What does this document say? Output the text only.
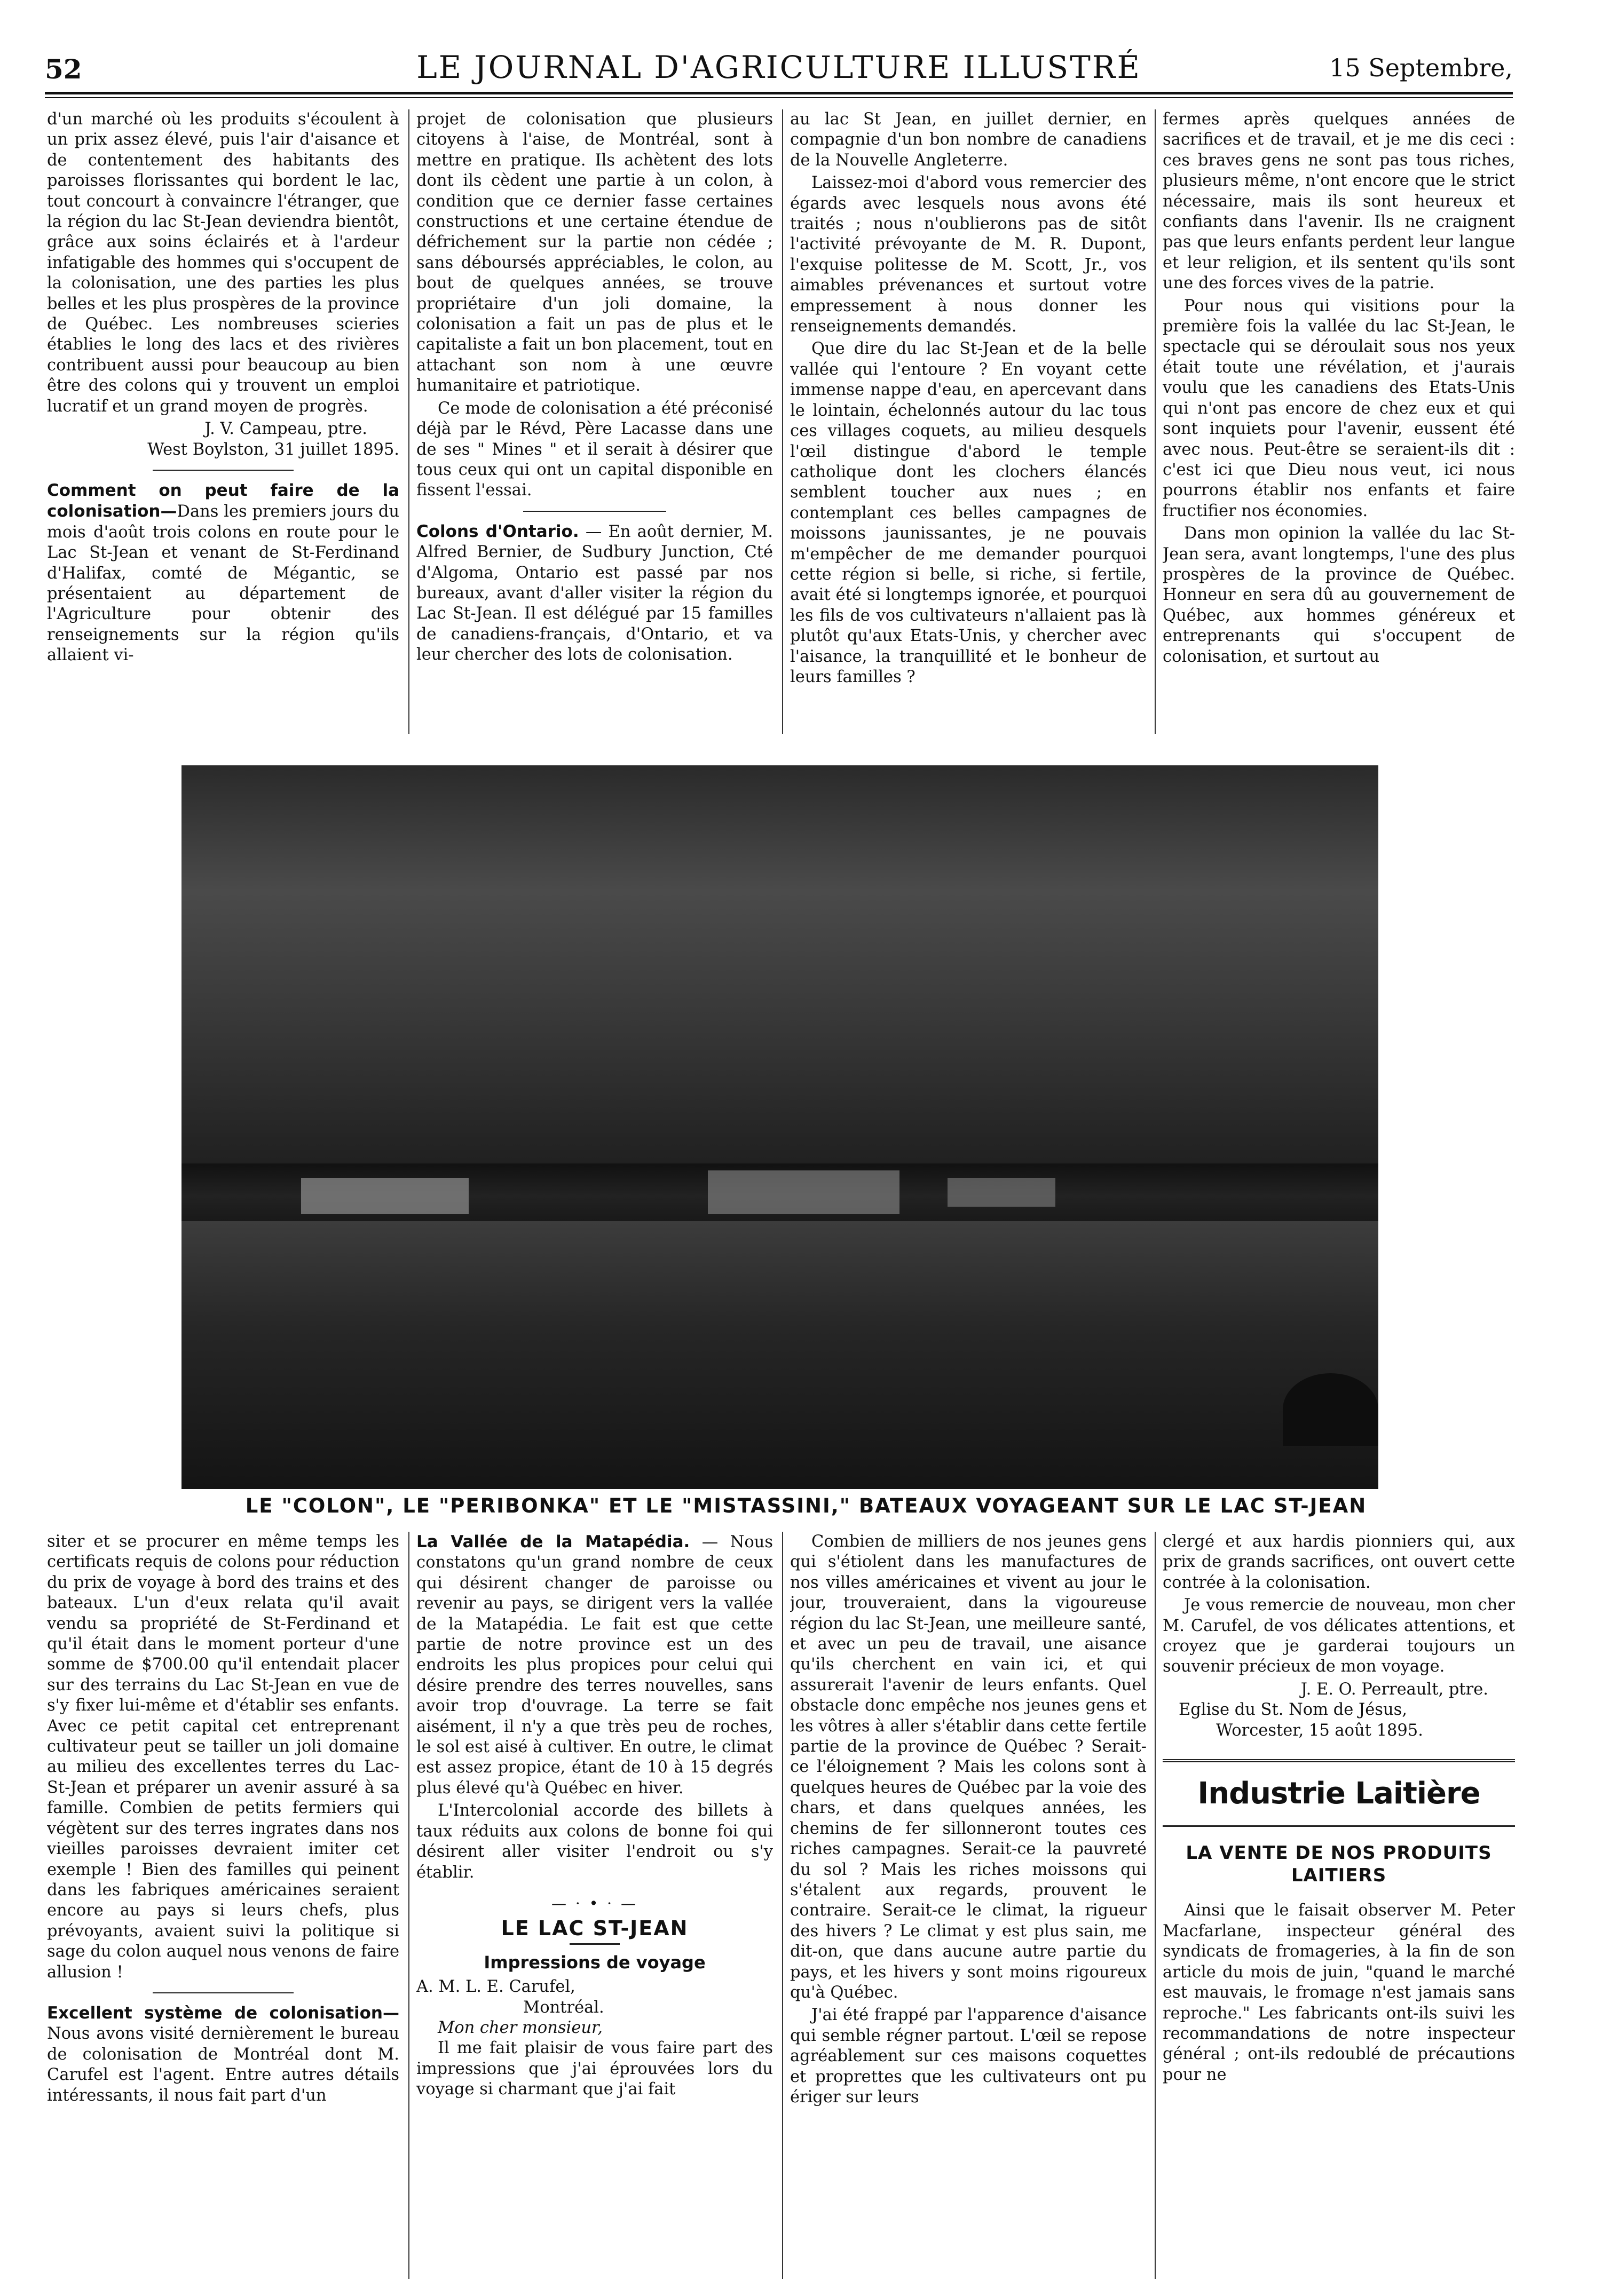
52	LE JOURNAL D'AGRICULTURE ILLUSTRÉ	15 Septembre,

d'un marché où les produits s'écoulent à un prix assez élevé, puis l'air d'aisance et de contentement des habitants des paroisses florissantes qui bordent le lac, tout concourt à convaincre l'étranger, que la région du lac St-Jean deviendra bientôt, grâce aux soins éclairés et à l'ardeur infatigable des hommes qui s'occupent de la colonisation, une des parties les plus belles et les plus prospères de la province de Québec. Les nombreuses scieries établies le long des lacs et des rivières contribuent aussi pour beaucoup au bien être des colons qui y trouvent un emploi lucratif et un grand moyen de progrès.

J. V. Campeau, ptre.

West Boylston, 31 juillet 1895.

Comment on peut faire de la colonisation—Dans les premiers jours du mois d'août trois colons en route pour le Lac St-Jean et venant de St-Ferdinand d'Halifax, comté de Mégantic, se présentaient au département de l'Agriculture pour obtenir des renseignements sur la région qu'ils allaient vi-

projet de colonisation que plusieurs citoyens à l'aise, de Montréal, sont à mettre en pratique. Ils achètent des lots dont ils cèdent une partie à un colon, à condition que ce dernier fasse certaines constructions et une certaine étendue de défrichement sur la partie non cédée ; sans déboursés appréciables, le colon, au bout de quelques années, se trouve propriétaire d'un joli domaine, la colonisation a fait un pas de plus et le capitaliste a fait un bon placement, tout en attachant son nom à une œuvre humanitaire et patriotique.

Ce mode de colonisation a été préconisé déjà par le Révd, Père Lacasse dans une de ses " Mines " et il serait à désirer que tous ceux qui ont un capital disponible en fissent l'essai.

Colons d'Ontario. — En août dernier, M. Alfred Bernier, de Sudbury Junction, Cté d'Algoma, Ontario est passé par nos bureaux, avant d'aller visiter la région du Lac St-Jean. Il est délégué par 15 familles de canadiens-français, d'Ontario, et va leur chercher des lots de colonisation.

au lac St Jean, en juillet dernier, en compagnie d'un bon nombre de canadiens de la Nouvelle Angleterre.

Laissez-moi d'abord vous remercier des égards avec lesquels nous avons été traités ; nous n'oublierons pas de sitôt l'activité prévoyante de M. R. Dupont, l'exquise politesse de M. Scott, Jr., vos aimables prévenances et surtout votre empressement à nous donner les renseignements demandés.

Que dire du lac St-Jean et de la belle vallée qui l'entoure ? En voyant cette immense nappe d'eau, en apercevant dans le lointain, échelonnés autour du lac tous ces villages coquets, au milieu desquels l'œil distingue d'abord le temple catholique dont les clochers élancés semblent toucher aux nues ; en contemplant ces belles campagnes de moissons jaunissantes, je ne pouvais m'empêcher de me demander pourquoi cette région si belle, si riche, si fertile, avait été si longtemps ignorée, et pourquoi les fils de vos cultivateurs n'allaient pas là plutôt qu'aux Etats-Unis, y chercher avec l'aisance, la tranquillité et le bonheur de leurs familles ?

fermes après quelques années de sacrifices et de travail, et je me dis ceci : ces braves gens ne sont pas tous riches, plusieurs même, n'ont encore que le strict nécessaire, mais ils sont heureux et confiants dans l'avenir. Ils ne craignent pas que leurs enfants perdent leur langue et leur religion, et ils sentent qu'ils sont une des forces vives de la patrie.

Pour nous qui visitions pour la première fois la vallée du lac St-Jean, le spectacle qui se déroulait sous nos yeux était toute une révélation, et j'aurais voulu que les canadiens des Etats-Unis qui n'ont pas encore de chez eux et qui sont inquiets pour l'avenir, eussent été avec nous. Peut-être se seraient-ils dit : c'est ici que Dieu nous veut, ici nous pourrons établir nos enfants et faire fructifier nos économies.

Dans mon opinion la vallée du lac St-Jean sera, avant longtemps, l'une des plus prospères de la province de Québec. Honneur en sera dû au gouvernement de Québec, aux hommes généreux et entreprenants qui s'occupent de colonisation, et surtout au

LE "COLON", LE "PERIBONKA" ET LE "MISTASSINI," BATEAUX VOYAGEANT SUR LE LAC ST-JEAN

siter et se procurer en même temps les certificats requis de colons pour réduction du prix de voyage à bord des trains et des bateaux. L'un d'eux relata qu'il avait vendu sa propriété de St-Ferdinand et qu'il était dans le moment porteur d'une somme de $700.00 qu'il entendait placer sur des terrains du Lac St-Jean en vue de s'y fixer lui-même et d'établir ses enfants. Avec ce petit capital cet entreprenant cultivateur peut se tailler un joli domaine au milieu des excellentes terres du Lac-St-Jean et préparer un avenir assuré à sa famille. Combien de petits fermiers qui végètent sur des terres ingrates dans nos vieilles paroisses devraient imiter cet exemple ! Bien des familles qui peinent dans les fabriques américaines seraient encore au pays si leurs chefs, plus prévoyants, avaient suivi la politique si sage du colon auquel nous venons de faire allusion !

Excellent système de colonisation—Nous avons visité dernièrement le bureau de colonisation de Montréal dont M. Carufel est l'agent. Entre autres détails intéressants, il nous fait part d'un

La Vallée de la Matapédia. — Nous constatons qu'un grand nombre de ceux qui désirent changer de paroisse ou revenir au pays, se dirigent vers la vallée de la Matapédia. Le fait est que cette partie de notre province est un des endroits les plus propices pour celui qui désire prendre des terres nouvelles, sans avoir trop d'ouvrage. La terre se fait aisément, il n'y a que très peu de roches, le sol est aisé à cultiver. En outre, le climat est assez propice, étant de 10 à 15 degrés plus élevé qu'à Québec en hiver.

L'Intercolonial accorde des billets à taux réduits aux colons de bonne foi qui désirent aller visiter l'endroit ou s'y établir.

— · • · —
LE LAC ST-JEAN
Impressions de voyage

A. M. L. E. Carufel,

Montréal.

Mon cher monsieur,

Il me fait plaisir de vous faire part des impressions que j'ai éprouvées lors du voyage si charmant que j'ai fait

Combien de milliers de nos jeunes gens qui s'étiolent dans les manufactures de nos villes américaines et vivent au jour le jour, trouveraient, dans la vigoureuse région du lac St-Jean, une meilleure santé, et avec un peu de travail, une aisance qu'ils cherchent en vain ici, et qui assurerait l'avenir de leurs enfants. Quel obstacle donc empêche nos jeunes gens et les vôtres à aller s'établir dans cette fertile partie de la province de Québec ? Serait-ce l'éloignement ? Mais les colons sont à quelques heures de Québec par la voie des chars, et dans quelques années, les chemins de fer sillonneront toutes ces riches campagnes. Serait-ce la pauvreté du sol ? Mais les riches moissons qui s'étalent aux regards, prouvent le contraire. Serait-ce le climat, la rigueur des hivers ? Le climat y est plus sain, me dit-on, que dans aucune autre partie du pays, et les hivers y sont moins rigoureux qu'à Québec.

J'ai été frappé par l'apparence d'aisance qui semble régner partout. L'œil se repose agréablement sur ces maisons coquettes et proprettes que les cultivateurs ont pu ériger sur leurs

clergé et aux hardis pionniers qui, aux prix de grands sacrifices, ont ouvert cette contrée à la colonisation.

Je vous remercie de nouveau, mon cher M. Carufel, de vos délicates attentions, et croyez que je garderai toujours un souvenir précieux de mon voyage.

J. E. O. Perreault, ptre.

Eglise du St. Nom de Jésus,

Worcester, 15 août 1895.

Industrie Laitière
LA VENTE DE NOS PRODUITS LAITIERS

Ainsi que le faisait observer M. Peter Macfarlane, inspecteur général des syndicats de fromageries, à la fin de son article du mois de juin, "quand le marché est mauvais, le fromage n'est jamais sans reproche." Les fabricants ont-ils suivi les recommandations de notre inspecteur général ; ont-ils redoublé de précautions pour ne
